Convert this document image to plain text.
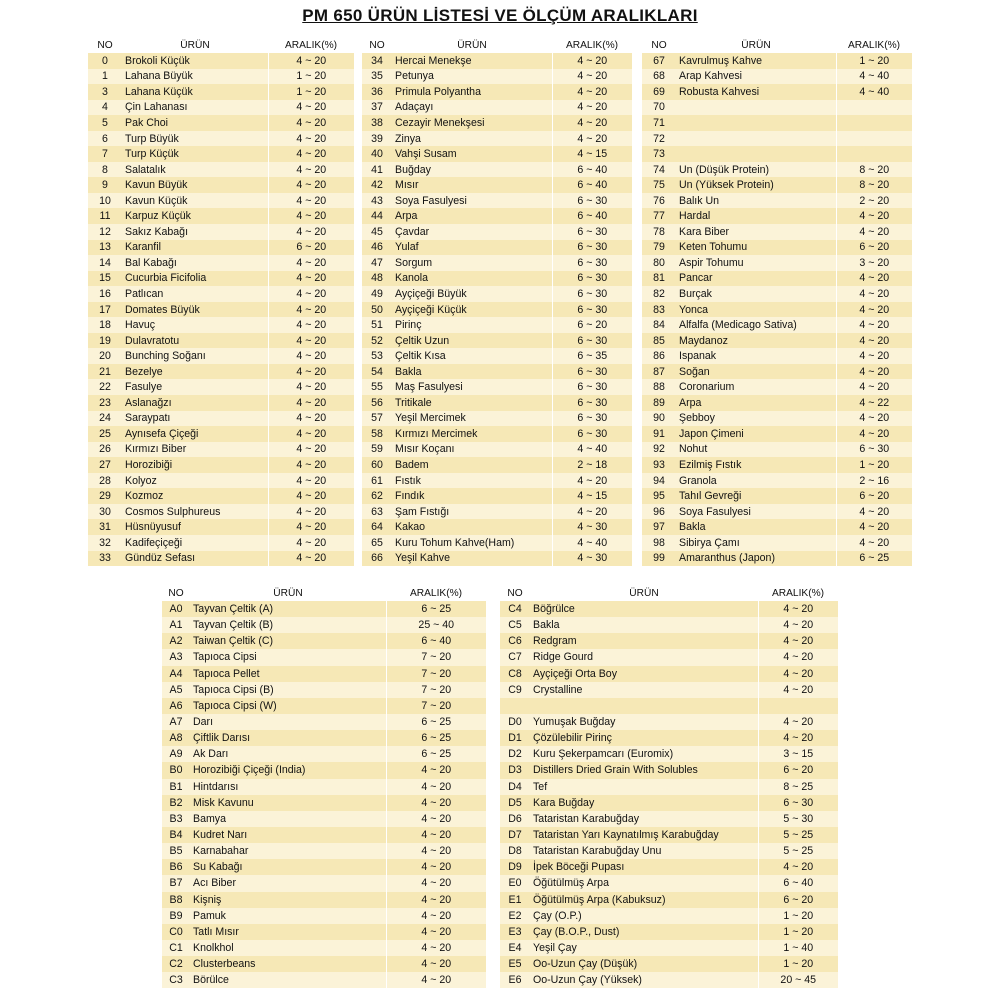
PM 650 ÜRÜN LİSTESİ VE ÖLÇÜM ARALIKLARI
NO	ÜRÜN	ARALIK(%)
0	Brokoli Küçük	4 ~ 20
1	Lahana Büyük	1 ~ 20
3	Lahana Küçük	1 ~ 20
4	Çin Lahanası	4 ~ 20
5	Pak Choi	4 ~ 20
6	Turp Büyük	4 ~ 20
7	Turp Küçük	4 ~ 20
8	Salatalık	4 ~ 20
9	Kavun Büyük	4 ~ 20
10	Kavun Küçük	4 ~ 20
11	Karpuz Küçük	4 ~ 20
12	Sakız Kabağı	4 ~ 20
13	Karanfil	6 ~ 20
14	Bal Kabağı	4 ~ 20
15	Cucurbia Ficifolia	4 ~ 20
16	Patlıcan	4 ~ 20
17	Domates Büyük	4 ~ 20
18	Havuç	4 ~ 20
19	Dulavratotu	4 ~ 20
20	Bunching Soğanı	4 ~ 20
21	Bezelye	4 ~ 20
22	Fasulye	4 ~ 20
23	Aslanağzı	4 ~ 20
24	Saraypatı	4 ~ 20
25	Aynısefa Çiçeği	4 ~ 20
26	Kırmızı Biber	4 ~ 20
27	Horozibiği	4 ~ 20
28	Kolyoz	4 ~ 20
29	Kozmoz	4 ~ 20
30	Cosmos Sulphureus	4 ~ 20
31	Hüsnüyusuf	4 ~ 20
32	Kadifeçiçeği	4 ~ 20
33	Gündüz Sefası	4 ~ 20
NO	ÜRÜN	ARALIK(%)
34	Hercai Menekşe	4 ~ 20
35	Petunya	4 ~ 20
36	Primula Polyantha	4 ~ 20
37	Adaçayı	4 ~ 20
38	Cezayir Menekşesi	4 ~ 20
39	Zinya	4 ~ 20
40	Vahşi Susam	4 ~ 15
41	Buğday	6 ~ 40
42	Mısır	6 ~ 40
43	Soya Fasulyesi	6 ~ 30
44	Arpa	6 ~ 40
45	Çavdar	6 ~ 30
46	Yulaf	6 ~ 30
47	Sorgum	6 ~ 30
48	Kanola	6 ~ 30
49	Ayçiçeği Büyük	6 ~ 30
50	Ayçiçeği Küçük	6 ~ 30
51	Pirinç	6 ~ 20
52	Çeltik Uzun	6 ~ 30
53	Çeltik Kısa	6 ~ 35
54	Bakla	6 ~ 30
55	Maş Fasulyesi	6 ~ 30
56	Tritikale	6 ~ 30
57	Yeşil Mercimek	6 ~ 30
58	Kırmızı Mercimek	6 ~ 30
59	Mısır Koçanı	4 ~ 40
60	Badem	2 ~ 18
61	Fıstık	4 ~ 20
62	Fındık	4 ~ 15
63	Şam Fıstığı	4 ~ 20
64	Kakao	4 ~ 30
65	Kuru Tohum Kahve(Ham)	4 ~ 40
66	Yeşil Kahve	4 ~ 30
NO	ÜRÜN	ARALIK(%)
67	Kavrulmuş Kahve	1 ~ 20
68	Arap Kahvesi	4 ~ 40
69	Robusta Kahvesi	4 ~ 40
70		
71		
72		
73		
74	Un (Düşük Protein)	8 ~ 20
75	Un (Yüksek Protein)	8 ~ 20
76	Balık Un	2 ~ 20
77	Hardal	4 ~ 20
78	Kara Biber	4 ~ 20
79	Keten Tohumu	6 ~ 20
80	Aspir Tohumu	3 ~ 20
81	Pancar	4 ~ 20
82	Burçak	4 ~ 20
83	Yonca	4 ~ 20
84	Alfalfa (Medicago Sativa)	4 ~ 20
85	Maydanoz	4 ~ 20
86	Ispanak	4 ~ 20
87	Soğan	4 ~ 20
88	Coronarium	4 ~ 20
89	Arpa	4 ~ 22
90	Şebboy	4 ~ 20
91	Japon Çimeni	4 ~ 20
92	Nohut	6 ~ 30
93	Ezilmiş Fıstık	1 ~ 20
94	Granola	2 ~ 16
95	Tahıl Gevreği	6 ~ 20
96	Soya Fasulyesi	4 ~ 20
97	Bakla	4 ~ 20
98	Sibirya Çamı	4 ~ 20
99	Amaranthus (Japon)	6 ~ 25
NO	ÜRÜN	ARALIK(%)
A0	Tayvan Çeltik (A)	6 ~ 25
A1	Tayvan Çeltik (B)	25 ~ 40
A2	Taiwan Çeltik (C)	6 ~ 40
A3	Tapıoca Cipsi	7 ~ 20
A4	Tapıoca Pellet	7 ~ 20
A5	Tapıoca Cipsi (B)	7 ~ 20
A6	Tapıoca Cipsi (W)	7 ~ 20
A7	Darı	6 ~ 25
A8	Çiftlik Darısı	6 ~ 25
A9	Ak Darı	6 ~ 25
B0	Horozibiği Çiçeği (India)	4 ~ 20
B1	Hintdarısı	4 ~ 20
B2	Misk Kavunu	4 ~ 20
B3	Bamya	4 ~ 20
B4	Kudret Narı	4 ~ 20
B5	Karnabahar	4 ~ 20
B6	Su Kabağı	4 ~ 20
B7	Acı Biber	4 ~ 20
B8	Kişniş	4 ~ 20
B9	Pamuk	4 ~ 20
C0	Tatlı Mısır	4 ~ 20
C1	Knolkhol	4 ~ 20
C2	Clusterbeans	4 ~ 20
C3	Börülce	4 ~ 20
NO	ÜRÜN	ARALIK(%)
C4	Böğrülce	4 ~ 20
C5	Bakla	4 ~ 20
C6	Redgram	4 ~ 20
C7	Ridge Gourd	4 ~ 20
C8	Ayçiçeği Orta Boy	4 ~ 20
C9	Crystalline	4 ~ 20

D0	Yumuşak Buğday	4 ~ 20
D1	Çözülebilir Pirinç	4 ~ 20
D2	Kuru Şekerpamcarı (Euromix)	3 ~ 15
D3	Distillers Dried Grain With Solubles	6 ~ 20
D4	Tef	8 ~ 25
D5	Kara Buğday	6 ~ 30
D6	Tataristan Karabuğday	5 ~ 30
D7	Tataristan Yarı Kaynatılmış Karabuğday	5 ~ 25
D8	Tataristan Karabuğday Unu	5 ~ 25
D9	İpek Böceği Pupası	4 ~ 20
E0	Öğütülmüş Arpa	6 ~ 40
E1	Öğütülmüş Arpa (Kabuksuz)	6 ~ 20
E2	Çay (O.P.)	1 ~ 20
E3	Çay (B.O.P., Dust)	1 ~ 20
E4	Yeşil Çay	1 ~ 40
E5	Oo-Uzun Çay (Düşük)	1 ~ 20
E6	Oo-Uzun Çay (Yüksek)	20 ~ 45
